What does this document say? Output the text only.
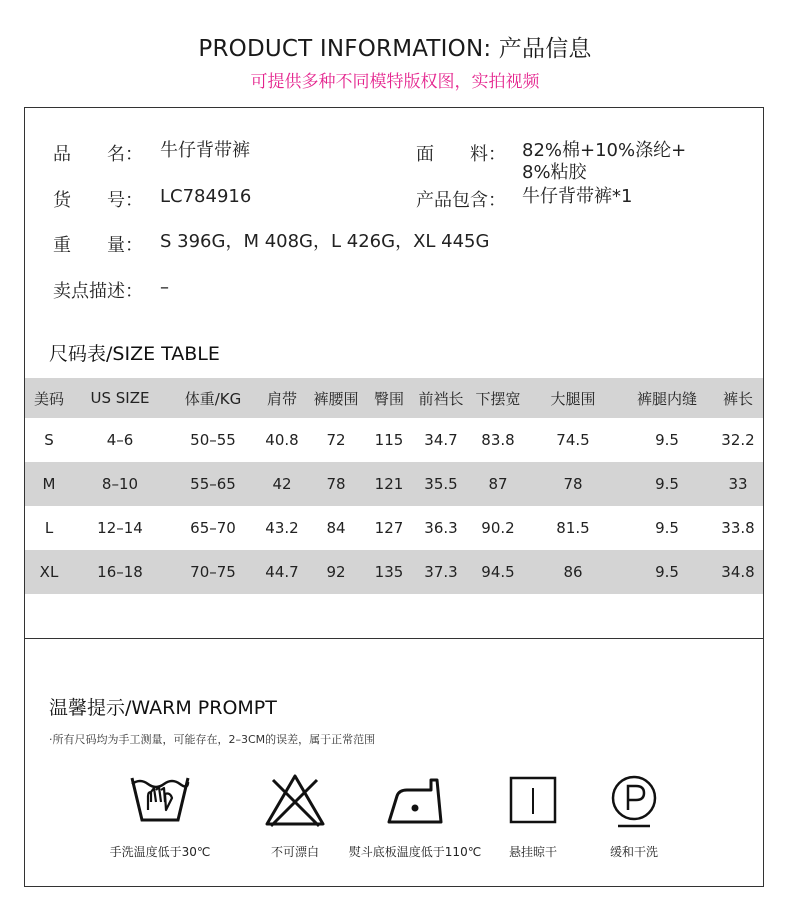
PRODUCT INFORMATION: 产品信息
可提供多种不同模特版权图，实拍视频
品　　名： 牛仔背带裤
货　　号： LC784916
重　　量： S 396G，M 408G，L 426G，XL 445G
卖点描述： –
面　　料： 82%棉+10%涤纶+
8%粘胶
产品包含： 牛仔背带裤*1
尺码表/SIZE TABLE
美码	US SIZE	体重/KG	肩带	裤腰围	臀围	前裆长	下摆宽	大腿围	裤腿内缝	裤长
S	4–6	50–55	40.8	72	115	34.7	83.8	74.5	9.5	32.2
M	8–10	55–65	42	78	121	35.5	87	78	9.5	33
L	12–14	65–70	43.2	84	127	36.3	90.2	81.5	9.5	33.8
XL	16–18	70–75	44.7	92	135	37.3	94.5	86	9.5	34.8
温馨提示/WARM PROMPT
·所有尺码均为手工测量，可能存在，2–3CM的误差，属于正常范围
手洗温度低于30℃	不可漂白	熨斗底板温度低于110℃	悬挂晾干	缓和干洗
